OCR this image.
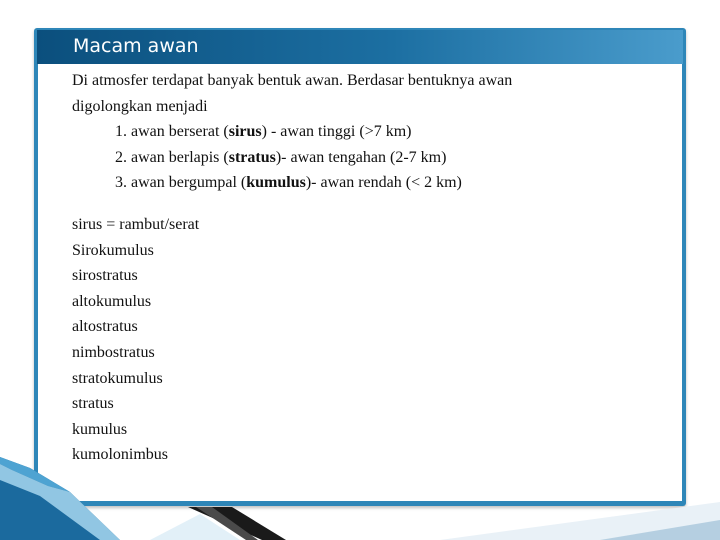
Macam awan

Di atmosfer terdapat banyak bentuk awan. Berdasar bentuknya awan

digolongkan menjadi

1. awan berserat (sirus) - awan tinggi (>7 km)

2. awan berlapis (stratus)- awan tengahan (2-7 km)

3. awan bergumpal (kumulus)- awan rendah (< 2 km)

sirus = rambut/serat

Sirokumulus

sirostratus

altokumulus

altostratus

nimbostratus

stratokumulus

stratus

kumulus

kumolonimbus
